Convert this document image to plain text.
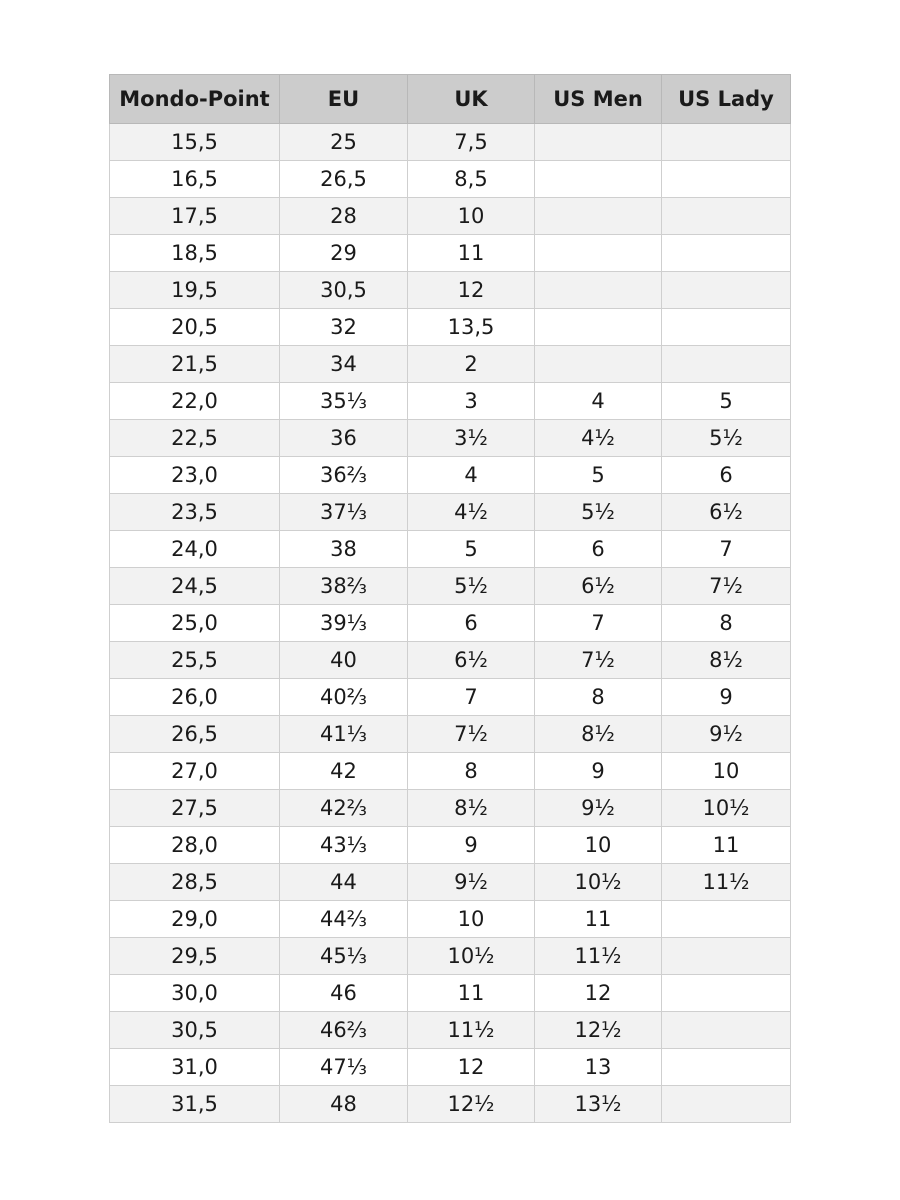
Mondo-Point	EU	UK	US Men	US Lady
15,5	25	7,5		
16,5	26,5	8,5		
17,5	28	10		
18,5	29	11		
19,5	30,5	12		
20,5	32	13,5		
21,5	34	2		
22,0	35⅓	3	4	5
22,5	36	3½	4½	5½
23,0	36⅔	4	5	6
23,5	37⅓	4½	5½	6½
24,0	38	5	6	7
24,5	38⅔	5½	6½	7½
25,0	39⅓	6	7	8
25,5	40	6½	7½	8½
26,0	40⅔	7	8	9
26,5	41⅓	7½	8½	9½
27,0	42	8	9	10
27,5	42⅔	8½	9½	10½
28,0	43⅓	9	10	11
28,5	44	9½	10½	11½
29,0	44⅔	10	11	
29,5	45⅓	10½	11½	
30,0	46	11	12	
30,5	46⅔	11½	12½	
31,0	47⅓	12	13	
31,5	48	12½	13½	
